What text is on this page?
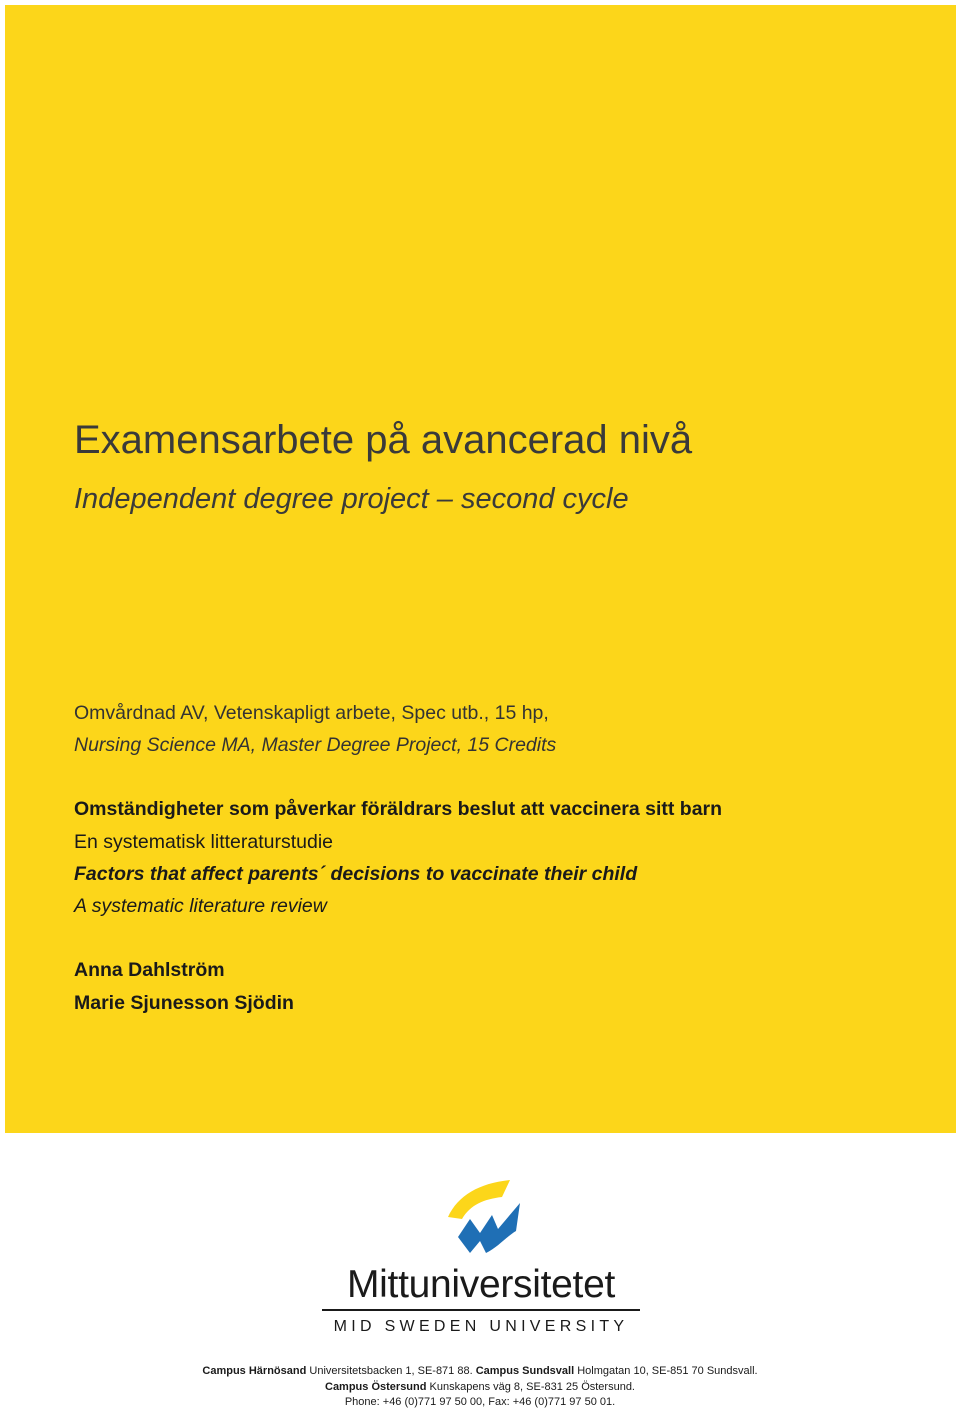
Examensarbete på avancerad nivå
Independent degree project – second cycle
Omvårdnad AV, Vetenskapligt arbete, Spec utb., 15 hp,
Nursing Science MA, Master Degree Project, 15 Credits
Omständigheter som påverkar föräldrars beslut att vaccinera sitt barn
En systematisk litteraturstudie
Factors that affect parents´ decisions to vaccinate their child
A systematic literature review
Anna Dahlström
Marie Sjunesson Sjödin
Mittuniversitetet
MID SWEDEN UNIVERSITY
Campus Härnösand Universitetsbacken 1, SE-871 88. Campus Sundsvall Holmgatan 10, SE-851 70 Sundsvall.
Campus Östersund Kunskapens väg 8, SE-831 25 Östersund.
Phone: +46 (0)771 97 50 00, Fax: +46 (0)771 97 50 01.
